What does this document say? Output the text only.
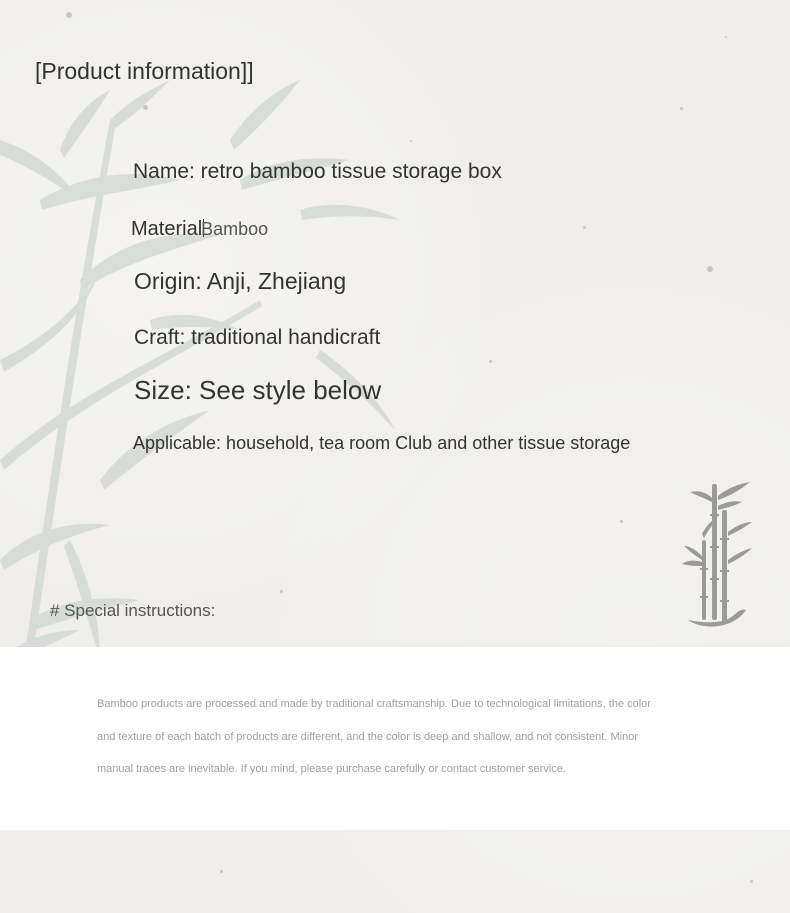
[Product information]]
Name: retro bamboo tissue storage box
MaterialBamboo
Origin: Anji, Zhejiang
Craft: traditional handicraft
Size: See style below
Applicable: household, tea room Club and other tissue storage
# Special instructions:

Bamboo products are processed and made by traditional craftsmanship. Due to technological limitations, the color and texture of each batch of products are different, and the color is deep and shallow, and not consistent. Minor manual traces are inevitable. If you mind, please purchase carefully or contact customer service.
